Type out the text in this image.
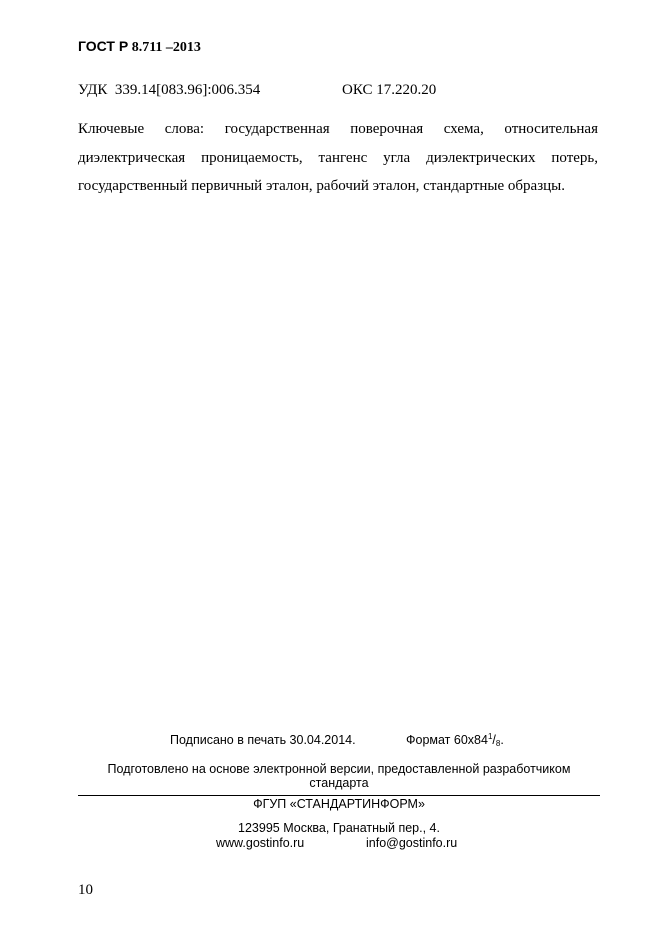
ГОСТ Р 8.711 –2013
УДК  339.14[083.96]:006.354	ОКС 17.220.20
Ключевые слова: государственная поверочная схема, относительная
диэлектрическая проницаемость, тангенс угла диэлектрических потерь,
государственный первичный эталон, рабочий эталон, стандартные образцы.
Подписано в печать 30.04.2014.	Формат $60х84^1/_8$.
Подготовлено на основе электронной версии, предоставленной разработчиком
стандарта
ФГУП «СТАНДАРТИНФОРМ»
123995 Москва, Гранатный пер., 4.
www.gostinfo.ru	info@gostinfo.ru
10
